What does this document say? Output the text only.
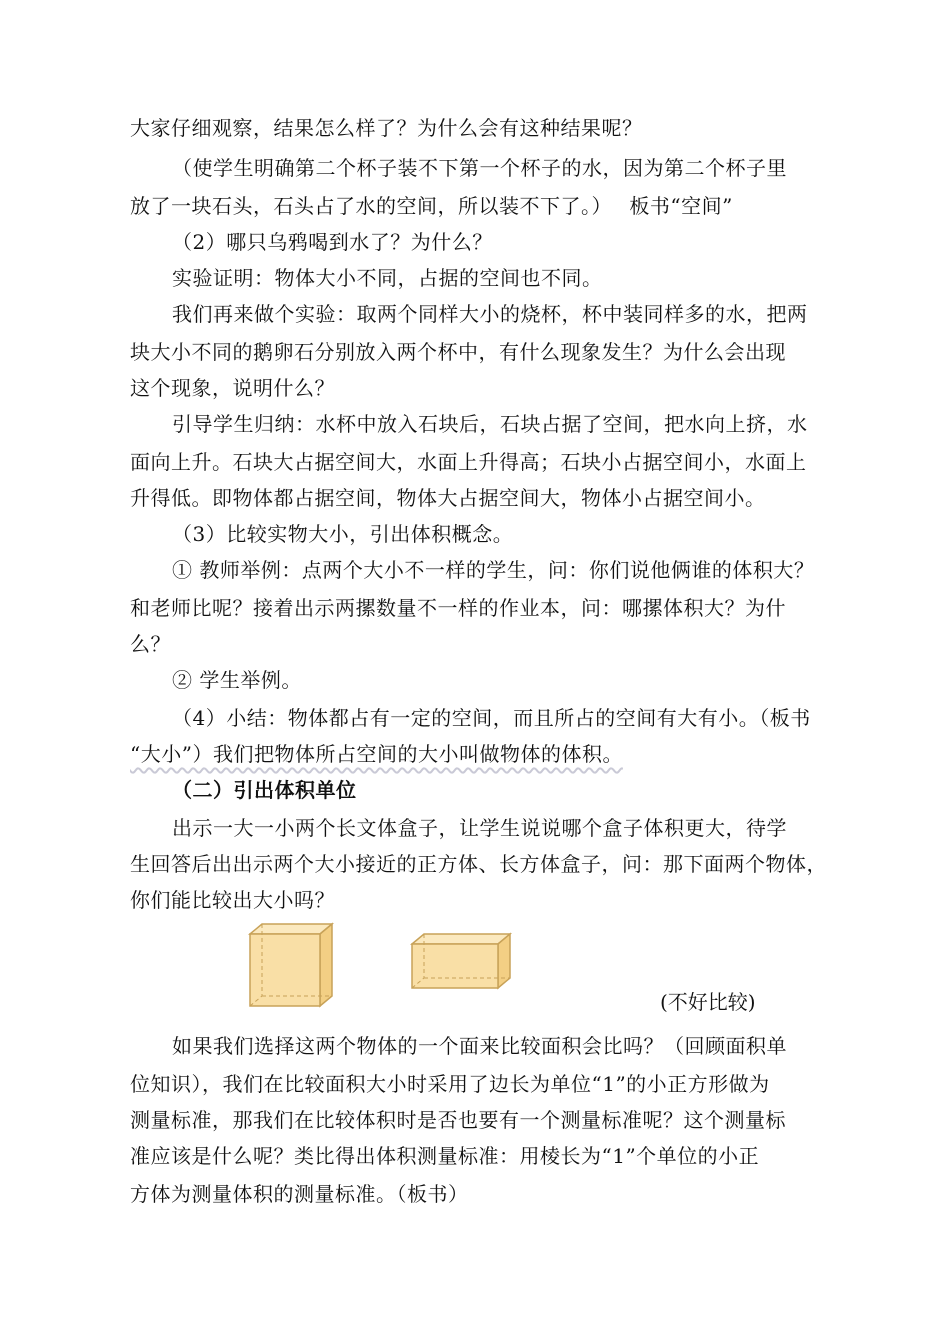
大家仔细观察，结果怎么样了？为什么会有这种结果呢？
（使学生明确第二个杯子装不下第一个杯子的水，因为第二个杯子里
放了一块石头，石头占了水的空间，所以装不下了。）　 板书“空间”
（2）哪只乌鸦喝到水了？为什么？
实验证明：物体大小不同，占据的空间也不同。
我们再来做个实验：取两个同样大小的烧杯，杯中装同样多的水，把两
块大小不同的鹅卵石分别放入两个杯中，有什么现象发生？为什么会出现
这个现象，说明什么？
引导学生归纳：水杯中放入石块后，石块占据了空间，把水向上挤，水
面向上升。石块大占据空间大，水面上升得高；石块小占据空间小，水面上
升得低。即物体都占据空间，物体大占据空间大，物体小占据空间小。
（3）比较实物大小，引出体积概念。
① 教师举例：点两个大小不一样的学生，问：你们说他俩谁的体积大？
和老师比呢？接着出示两摞数量不一样的作业本，问：哪摞体积大？为什
么？
② 学生举例。
（4）小结：物体都占有一定的空间，而且所占的空间有大有小。（板书
“大小”）我们把物体所占空间的大小叫做物体的体积。
（二）引出体积单位
出示一大一小两个长文体盒子，让学生说说哪个盒子体积更大，待学
生回答后出出示两个大小接近的正方体、长方体盒子，问：那下面两个物体，
你们能比较出大小吗？
(不好比较)
如果我们选择这两个物体的一个面来比较面积会比吗？（回顾面积单
位知识），我们在比较面积大小时采用了边长为单位“1”的小正方形做为
测量标准，那我们在比较体积时是否也要有一个测量标准呢？这个测量标
准应该是什么呢？类比得出体积测量标准：用棱长为“1”个单位的小正
方体为测量体积的测量标准。（板书）
